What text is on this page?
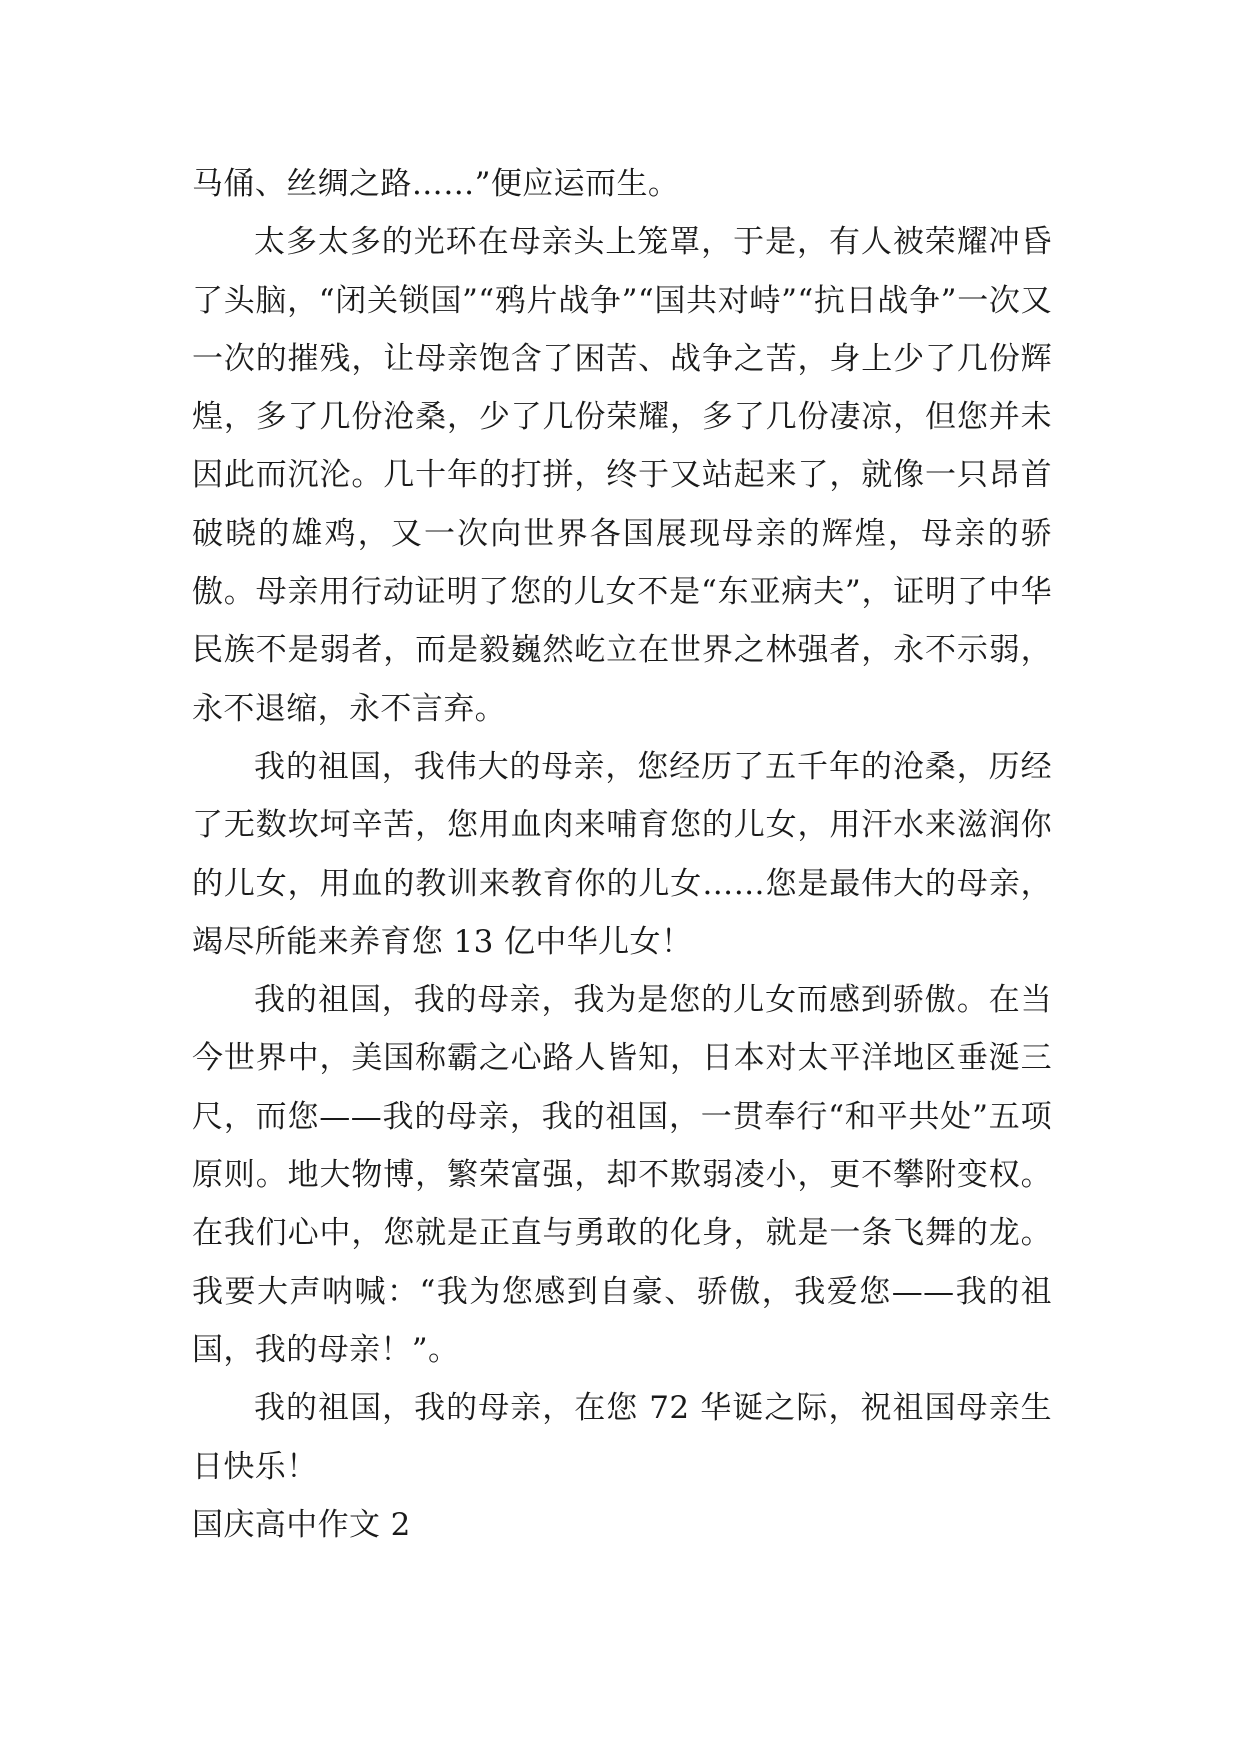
马俑、丝绸之路……”便应运而生。

太多太多的光环在母亲头上笼罩，于是，有人被荣耀冲昏了头脑，“闭关锁国”“鸦片战争”“国共对峙”“抗日战争”一次又一次的摧残，让母亲饱含了困苦、战争之苦，身上少了几份辉煌，多了几份沧桑，少了几份荣耀，多了几份凄凉，但您并未因此而沉沦。几十年的打拼，终于又站起来了，就像一只昂首破晓的雄鸡，又一次向世界各国展现母亲的辉煌，母亲的骄傲。母亲用行动证明了您的儿女不是“东亚病夫”，证明了中华民族不是弱者，而是毅巍然屹立在世界之林强者，永不示弱，永不退缩，永不言弃。

我的祖国，我伟大的母亲，您经历了五千年的沧桑，历经了无数坎坷辛苦，您用血肉来哺育您的儿女，用汗水来滋润你的儿女，用血的教训来教育你的儿女……您是最伟大的母亲，竭尽所能来养育您 13 亿中华儿女！

我的祖国，我的母亲，我为是您的儿女而感到骄傲。在当今世界中，美国称霸之心路人皆知，日本对太平洋地区垂涎三尺，而您——我的母亲，我的祖国，一贯奉行“和平共处”五项原则。地大物博，繁荣富强，却不欺弱凌小，更不攀附变权。在我们心中，您就是正直与勇敢的化身，就是一条飞舞的龙。我要大声呐喊：“我为您感到自豪、骄傲，我爱您——我的祖国，我的母亲！”。

我的祖国，我的母亲，在您 72 华诞之际，祝祖国母亲生日快乐！

国庆高中作文 2
